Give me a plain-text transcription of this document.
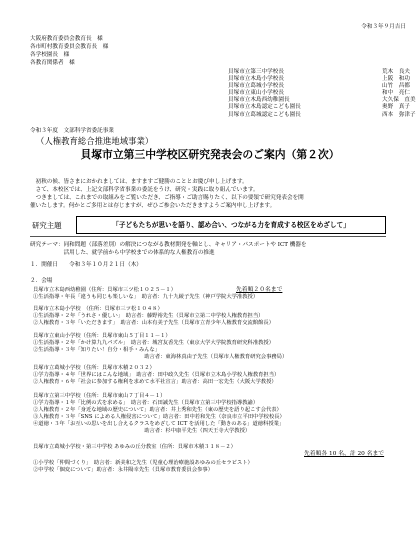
令和３年９月吉日
大阪府教育委員会教育長　様
各市町村教育委員会教育長　様
各学校園長　様
各教育関係者　様
貝塚市立第三中学校長	荒木　良夫
貝塚市立木島小学校長	上阪　和功
貝塚市立葛城小学校長	山竹　昌都
貝塚市立東山小学校長	和中　亮仁
貝塚市立木島西幼稚園長	大久保　直美
貝塚市立木島認定こども園長	奥野　真子
貝塚市立葛城認定こども園長	西本　弥津子
令和３年度　文部科学省委託事業
（人権教育総合推進地域事業）
貝塚市立第三中学校区研究発表会のご案内（第２次）
　初秋の候、皆さまにおかれましては、ますますご健勝のこととお慶び申し上げます。
　さて、本校区では、上記文部科学省事業の委託をうけ、研究・実践に取り組んでいます。
　つきましては、これまでの取組みをご覧いただき、ご指導・ご助言賜りたく、以下の要領で研究発表会を開
催いたします。何かとご多用とは存じますが、ぜひご参会いただきますようご案内申し上げます。
研究主題	「子どもたちが思いを語り、認め合い、つながる力を育成する校区をめざして」
研究テーマ：同和問題（部落差別）の解決につながる教材開発を軸とし、キャリア・パスポートや ICT 機器を
　　　　　　活用した、就学前から中学校までの体系的な人権教育の推進
１．開催日　　令和３年１０月２１日（木）
２．会場
貝塚市立木島西幼稚園（住所：貝塚市三ツ松１０２５－１）
①生活指導・年長「違うも同じも楽しいな」　助言者：九十九綾子先生（神戸学院大学准教授）
先着順２０名まで
貝塚市立木島小学校　（住所：貝塚市三ツ松１０４８）
①生活指導・２年「うれさ・優しい」　助言者：藤野裕先生（貝塚市立第二中学校人権教育担当）
②人権教育・３年「いただきます」　助言者：山本有美子先生（貝塚市立青少年人権教育交流館館長）
貝塚市立東山小学校（住所：貝塚市東山５丁目１１－１）
①生活指導・２年「かけ算九九パズル」　助言者：城宮友香先生（東京大学大学院教育研究科准教授）
②生活指導・３年「知りたい！自分・相手・みんな」
　　　　　　　　　　　　　　　　　　　　　助言者：東海林真由子先生（貝塚市人権教育研究会事務局）
貝塚市立葛城小学校（住所：貝塚市木積２０３２）
①学力指導・４年「世界にはこんな地域」　助言者：田中政久先生（貝塚市立木島小学校人権教育担当）
②人権教育・６年「社会に参加する権利を求めて水平社宣言」助言者：高田一宏先生（大阪大学教授）
貝塚市立第三中学校（住所：貝塚市東山７丁目４－１）
①学力指導・１年「比例の式を求める」　助言者：石田誠先生（貝塚市立第三中学校指導教諭）
②人権教育・２年「身近な地域の歴史について」助言者：井上秀和先生（東の歴史を語り起こす会代表）
③人権教育・３年「SNS によめる人権侵害について」助言者：田中若和先生（奈良市立平田中学校校長）
④道徳・３年「お互いの思いを出し合えるクラスをめざして ICT を活用した「動きのある」道徳科授業」
　　　　　　　　　　　　　　　　　　　　　助言者：杉中康平先生（四天王寺大学教授）
貝塚市立葛城小学校・第三中学校 あゆみの丘分教室（住所：貝塚市木積３１８－２）
先着順各 10 名、計 20 名まで
①小学校「仲間づくり」　助言者：新美和之先生（児童心理治療施設あゆみの丘セラピスト）
②中学校「個変について」助言者：永井陽幸先生（貝塚市教育委員会参事）
